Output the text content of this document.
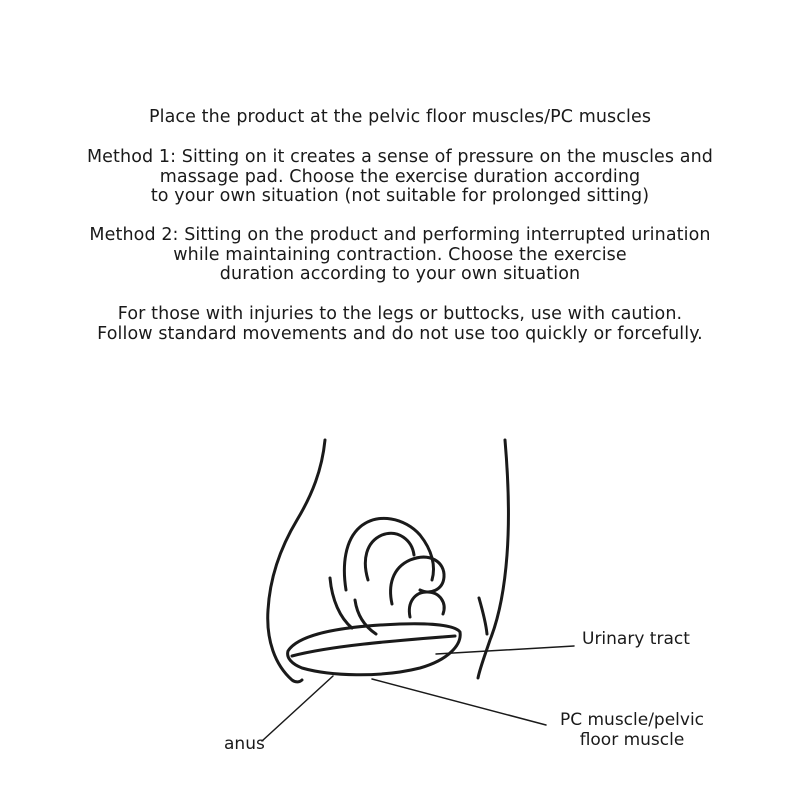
Place the product at the pelvic floor muscles/PC muscles
Method 1: Sitting on it creates a sense of pressure on the muscles and
massage pad. Choose the exercise duration according
to your own situation (not suitable for prolonged sitting)
Method 2: Sitting on the product and performing interrupted urination
while maintaining contraction. Choose the exercise
duration according to your own situation
For those with injuries to the legs or buttocks, use with caution.
Follow standard movements and do not use too quickly or forcefully.
Urinary tract
PC muscle/pelvic
floor muscle
anus
